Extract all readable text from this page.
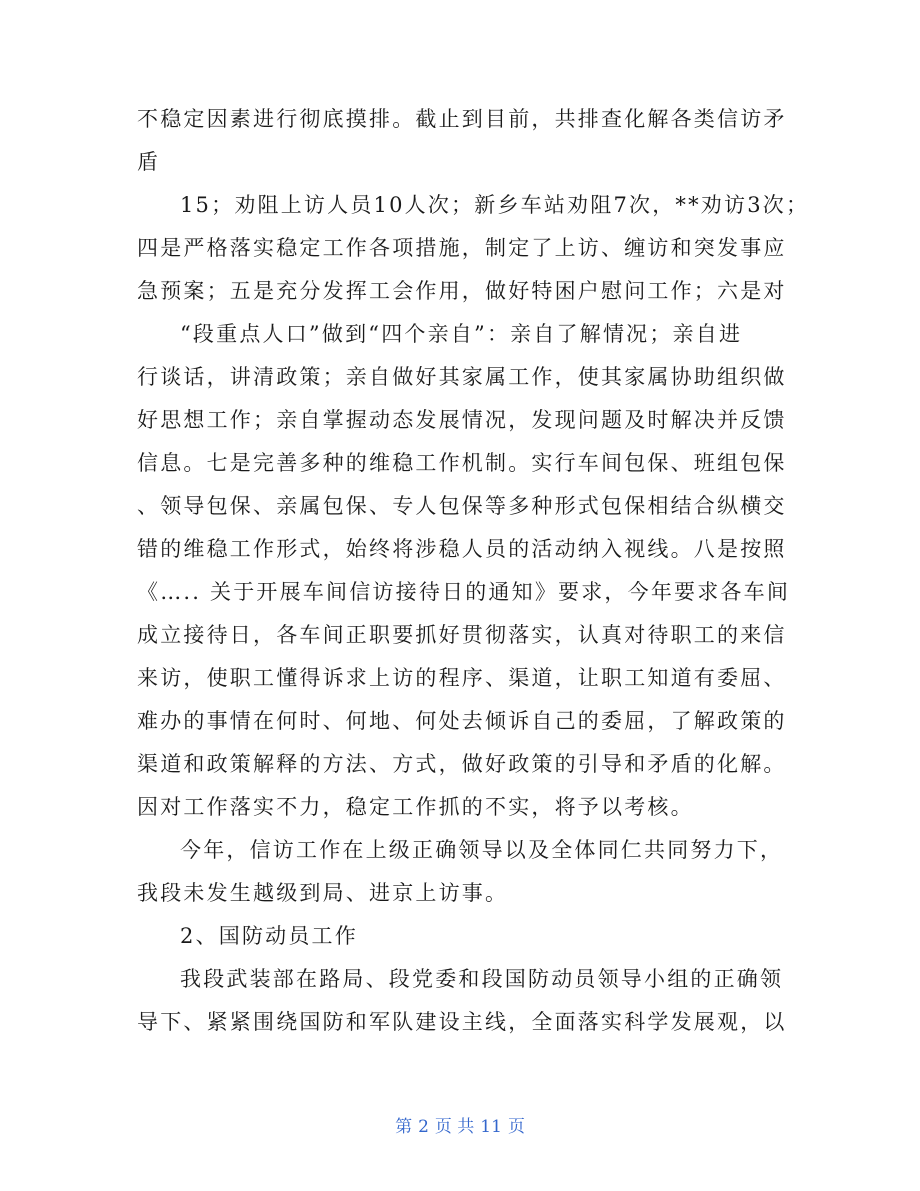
不稳定因素进行彻底摸排。截止到目前，共排查化解各类信访矛
盾
15；劝阻上访人员10人次；新乡车站劝阻7次，**劝访3次；
四是严格落实稳定工作各项措施，制定了上访、缠访和突发事应
急预案；五是充分发挥工会作用，做好特困户慰问工作；六是对
“段重点人口”做到“四个亲自”：亲自了解情况；亲自进
行谈话，讲清政策；亲自做好其家属工作，使其家属协助组织做
好思想工作；亲自掌握动态发展情况，发现问题及时解决并反馈
信息。七是完善多种的维稳工作机制。实行车间包保、班组包保
、领导包保、亲属包保、专人包保等多种形式包保相结合纵横交
错的维稳工作形式，始终将涉稳人员的活动纳入视线。八是按照
《….. 关于开展车间信访接待日的通知》要求，今年要求各车间
成立接待日，各车间正职要抓好贯彻落实，认真对待职工的来信
来访，使职工懂得诉求上访的程序、渠道，让职工知道有委屈、
难办的事情在何时、何地、何处去倾诉自己的委屈，了解政策的
渠道和政策解释的方法、方式，做好政策的引导和矛盾的化解。
因对工作落实不力，稳定工作抓的不实，将予以考核。
今年，信访工作在上级正确领导以及全体同仁共同努力下，
我段未发生越级到局、进京上访事。
2、国防动员工作
我段武装部在路局、段党委和段国防动员领导小组的正确领
导下、紧紧围绕国防和军队建设主线，全面落实科学发展观，以
第 2 页 共 11 页
